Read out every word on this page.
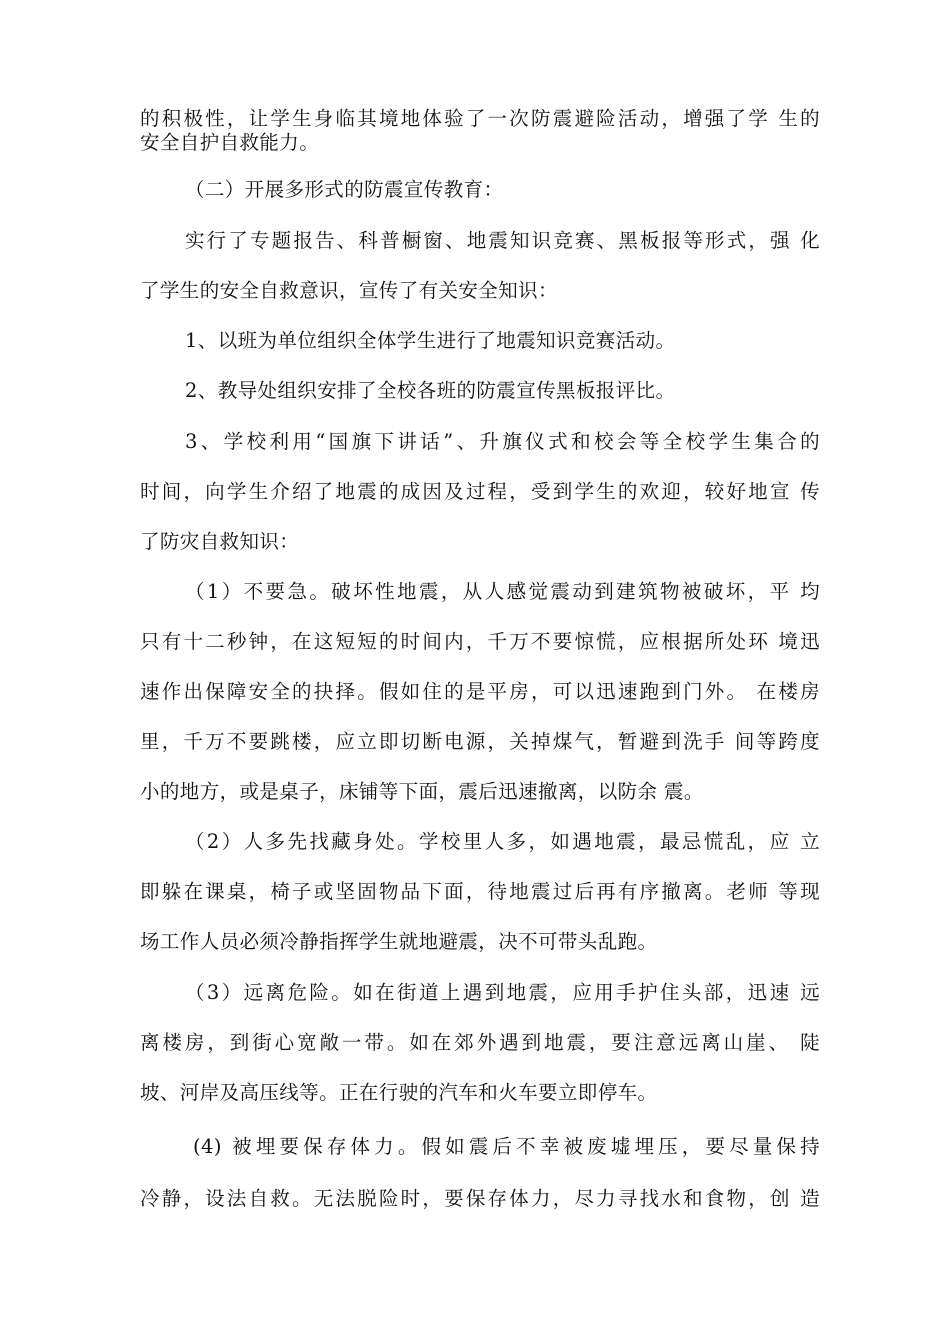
的积极性，让学生身临其境地体验了一次防震避险活动，增强了学 生的
安全自护自救能力。
（二）开展多形式的防震宣传教育：
实行了专题报告、科普橱窗、地震知识竞赛、黑板报等形式，强 化
了学生的安全自救意识，宣传了有关安全知识：
1、以班为单位组织全体学生进行了地震知识竞赛活动。
2、教导处组织安排了全校各班的防震宣传黑板报评比。
3、学校利用“国旗下讲话”、升旗仪式和校会等全校学生集合的
时间，向学生介绍了地震的成因及过程，受到学生的欢迎，较好地宣 传
了防灾自救知识：
（1）不要急。破坏性地震，从人感觉震动到建筑物被破坏，平 均
只有十二秒钟，在这短短的时间内，千万不要惊慌，应根据所处环 境迅
速作出保障安全的抉择。假如住的是平房，可以迅速跑到门外。 在楼房
里，千万不要跳楼，应立即切断电源，关掉煤气，暂避到洗手 间等跨度
小的地方，或是桌子，床铺等下面，震后迅速撤离，以防余 震。
（2）人多先找藏身处。学校里人多，如遇地震，最忌慌乱，应 立
即躲在课桌，椅子或坚固物品下面，待地震过后再有序撤离。老师 等现
场工作人员必须冷静指挥学生就地避震，决不可带头乱跑。
（3）远离危险。如在街道上遇到地震，应用手护住头部，迅速 远
离楼房，到街心宽敞一带。如在郊外遇到地震，要注意远离山崖、 陡
坡、河岸及高压线等。正在行驶的汽车和火车要立即停车。
(4) 被埋要保存体力。假如震后不幸被废墟埋压，要尽量保持
冷静，设法自救。无法脱险时，要保存体力，尽力寻找水和食物，创 造
